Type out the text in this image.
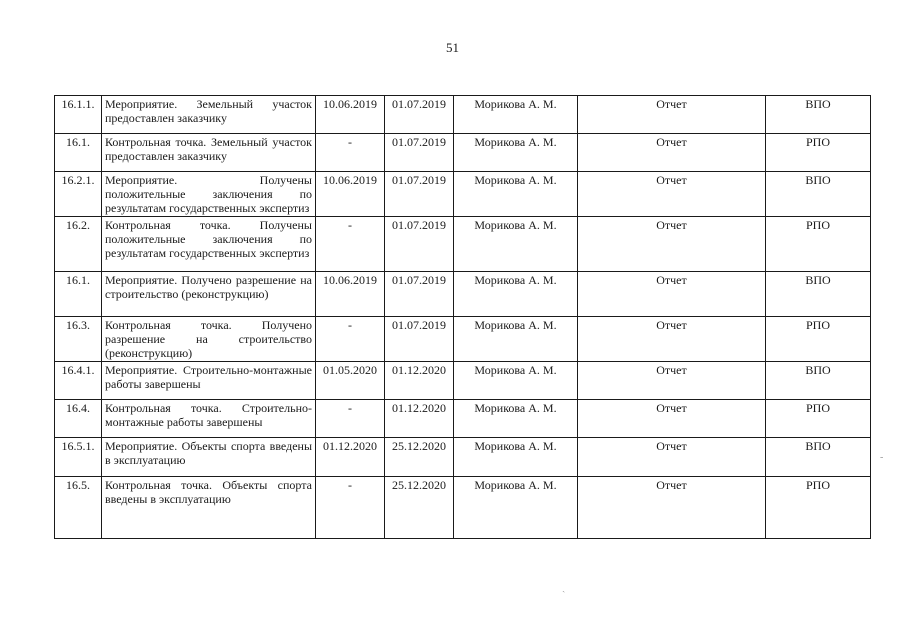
51
16.1.1.	Мероприятие. Земельный участок предоставлен заказчику	10.06.2019	01.07.2019	Морикова А. М.	Отчет	ВПО
16.1.	Контрольная точка. Земельный участок предоставлен заказчику	-	01.07.2019	Морикова А. М.	Отчет	РПО
16.2.1.	Мероприятие. Получены положительные заключения по результатам государственных экспертиз	10.06.2019	01.07.2019	Морикова А. М.	Отчет	ВПО
16.2.	Контрольная точка. Получены положительные заключения по результатам государственных экспертиз	-	01.07.2019	Морикова А. М.	Отчет	РПО
16.1.	Мероприятие. Получено разрешение на строительство (реконструкцию)	10.06.2019	01.07.2019	Морикова А. М.	Отчет	ВПО
16.3.	Контрольная точка. Получено разрешение на строительство (реконструкцию)	-	01.07.2019	Морикова А. М.	Отчет	РПО
16.4.1.	Мероприятие. Строительно-монтажные работы завершены	01.05.2020	01.12.2020	Морикова А. М.	Отчет	ВПО
16.4.	Контрольная точка. Строительно-монтажные работы завершены	-	01.12.2020	Морикова А. М.	Отчет	РПО
16.5.1.	Мероприятие. Объекты спорта введены в эксплуатацию	01.12.2020	25.12.2020	Морикова А. М.	Отчет	ВПО
16.5.	Контрольная точка. Объекты спорта введены в эксплуатацию	-	25.12.2020	Морикова А. М.	Отчет	РПО
-
ˏ
